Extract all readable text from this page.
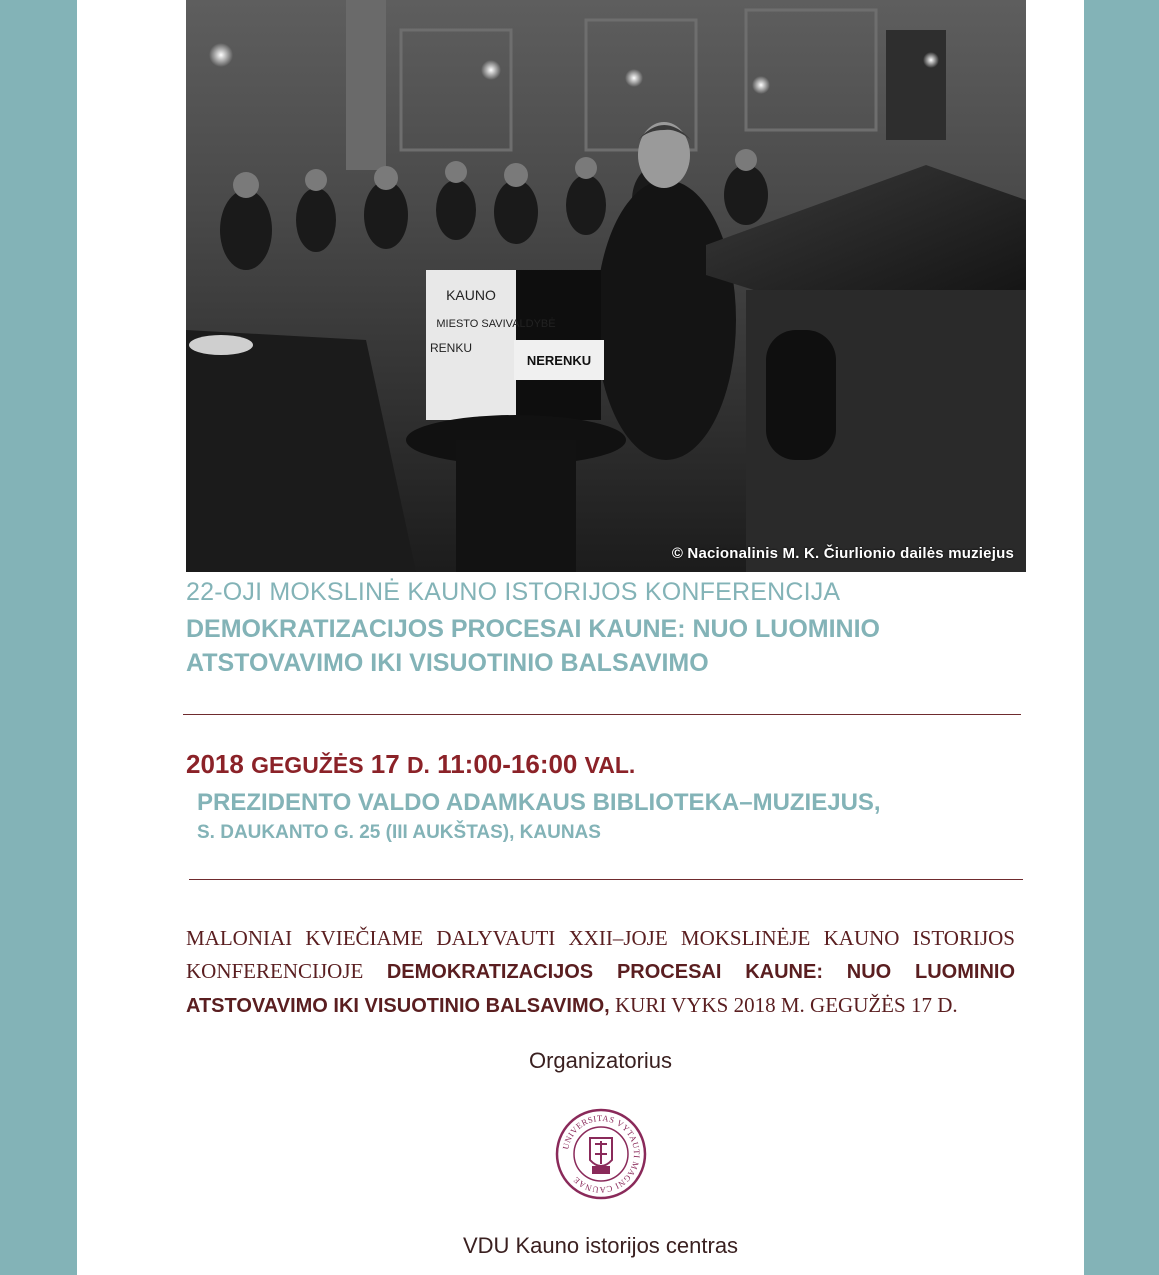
KAUNO
MIESTO SAVIVALDYBĖ
RENKU
NERENKU
© Nacionalinis M. K. Čiurlionio dailės muziejus
22-OJI MOKSLINĖ KAUNO ISTORIJOS KONFERENCIJA
DEMOKRATIZACIJOS PROCESAI KAUNE: NUO LUOMINIO
ATSTOVAVIMO IKI VISUOTINIO BALSAVIMO
2018 GEGUŽĖS 17 D. 11:00-16:00 VAL.
PREZIDENTO VALDO ADAMKAUS BIBLIOTEKA–MUZIEJUS,
S. DAUKANTO G. 25 (III AUKŠTAS), KAUNAS
MALONIAI KVIEČIAME DALYVAUTI XXII–JOJE MOKSLINĖJE KAUNO ISTORIJOS KONFERENCIJOJE DEMOKRATIZACIJOS PROCESAI KAUNE: NUO LUOMINIO ATSTOVAVIMO IKI VISUOTINIO BALSAVIMO, KURI VYKS 2018 M. GEGUŽĖS 17 D.
Organizatorius
UNIVERSITAS VYTAUTI MAGNI CAUNAE
VDU Kauno istorijos centras
